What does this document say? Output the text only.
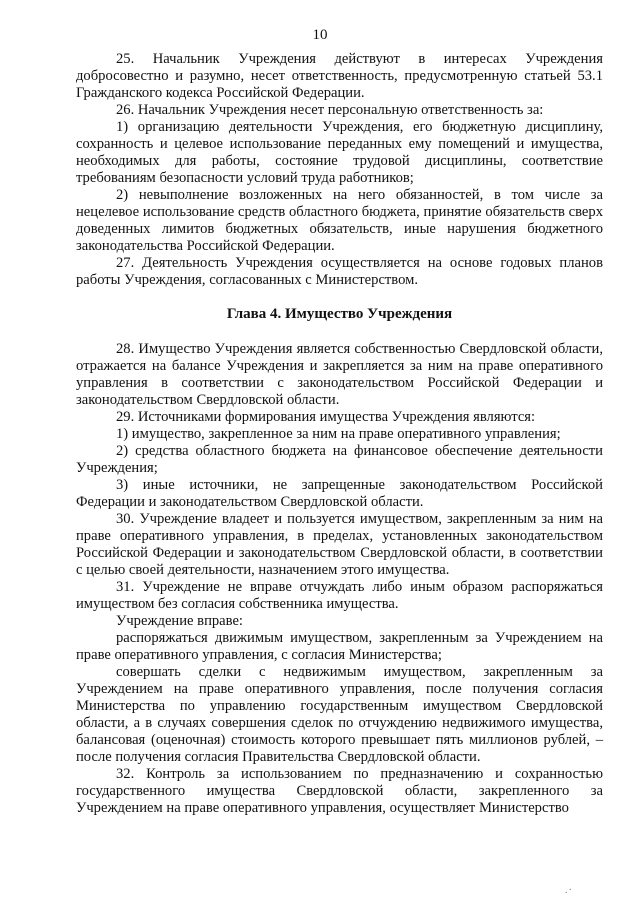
10

25. Начальник Учреждения действуют в интересах Учреждения добросовестно и разумно, несет ответственность, предусмотренную статьей 53.1 Гражданского кодекса Российской Федерации.

26. Начальник Учреждения несет персональную ответственность за:

1) организацию деятельности Учреждения, его бюджетную дисциплину, сохранность и целевое использование переданных ему помещений и имущества, необходимых для работы, состояние трудовой дисциплины, соответствие требованиям безопасности условий труда работников;

2) невыполнение возложенных на него обязанностей, в том числе за нецелевое использование средств областного бюджета, принятие обязательств сверх доведенных лимитов бюджетных обязательств, иные нарушения бюджетного законодательства Российской Федерации.

27. Деятельность Учреждения осуществляется на основе годовых планов работы Учреждения, согласованных с Министерством.

Глава 4. Имущество Учреждения

28. Имущество Учреждения является собственностью Свердловской области, отражается на балансе Учреждения и закрепляется за ним на праве оперативного управления в соответствии с законодательством Российской Федерации и законодательством Свердловской области.

29. Источниками формирования имущества Учреждения являются:

1) имущество, закрепленное за ним на праве оперативного управления;

2) средства областного бюджета на финансовое обеспечение деятельности Учреждения;

3) иные источники, не запрещенные законодательством Российской Федерации и законодательством Свердловской области.

30. Учреждение владеет и пользуется имуществом, закрепленным за ним на праве оперативного управления, в пределах, установленных законодательством Российской Федерации и законодательством Свердловской области, в соответствии с целью своей деятельности, назначением этого имущества.

31. Учреждение не вправе отчуждать либо иным образом распоряжаться имуществом без согласия собственника имущества.

Учреждение вправе:

распоряжаться движимым имуществом, закрепленным за Учреждением на праве оперативного управления, с согласия Министерства;

совершать сделки с недвижимым имуществом, закрепленным за Учреждением на праве оперативного управления, после получения согласия Министерства по управлению государственным имуществом Свердловской области, а в случаях совершения сделок по отчуждению недвижимого имущества, балансовая (оценочная) стоимость которого превышает пять миллионов рублей, – после получения согласия Правительства Свердловской области.

32. Контроль за использованием по предназначению и сохранностью государственного имущества Свердловской области, закрепленного за Учреждением на праве оперативного управления, осуществляет Министерство

.·
